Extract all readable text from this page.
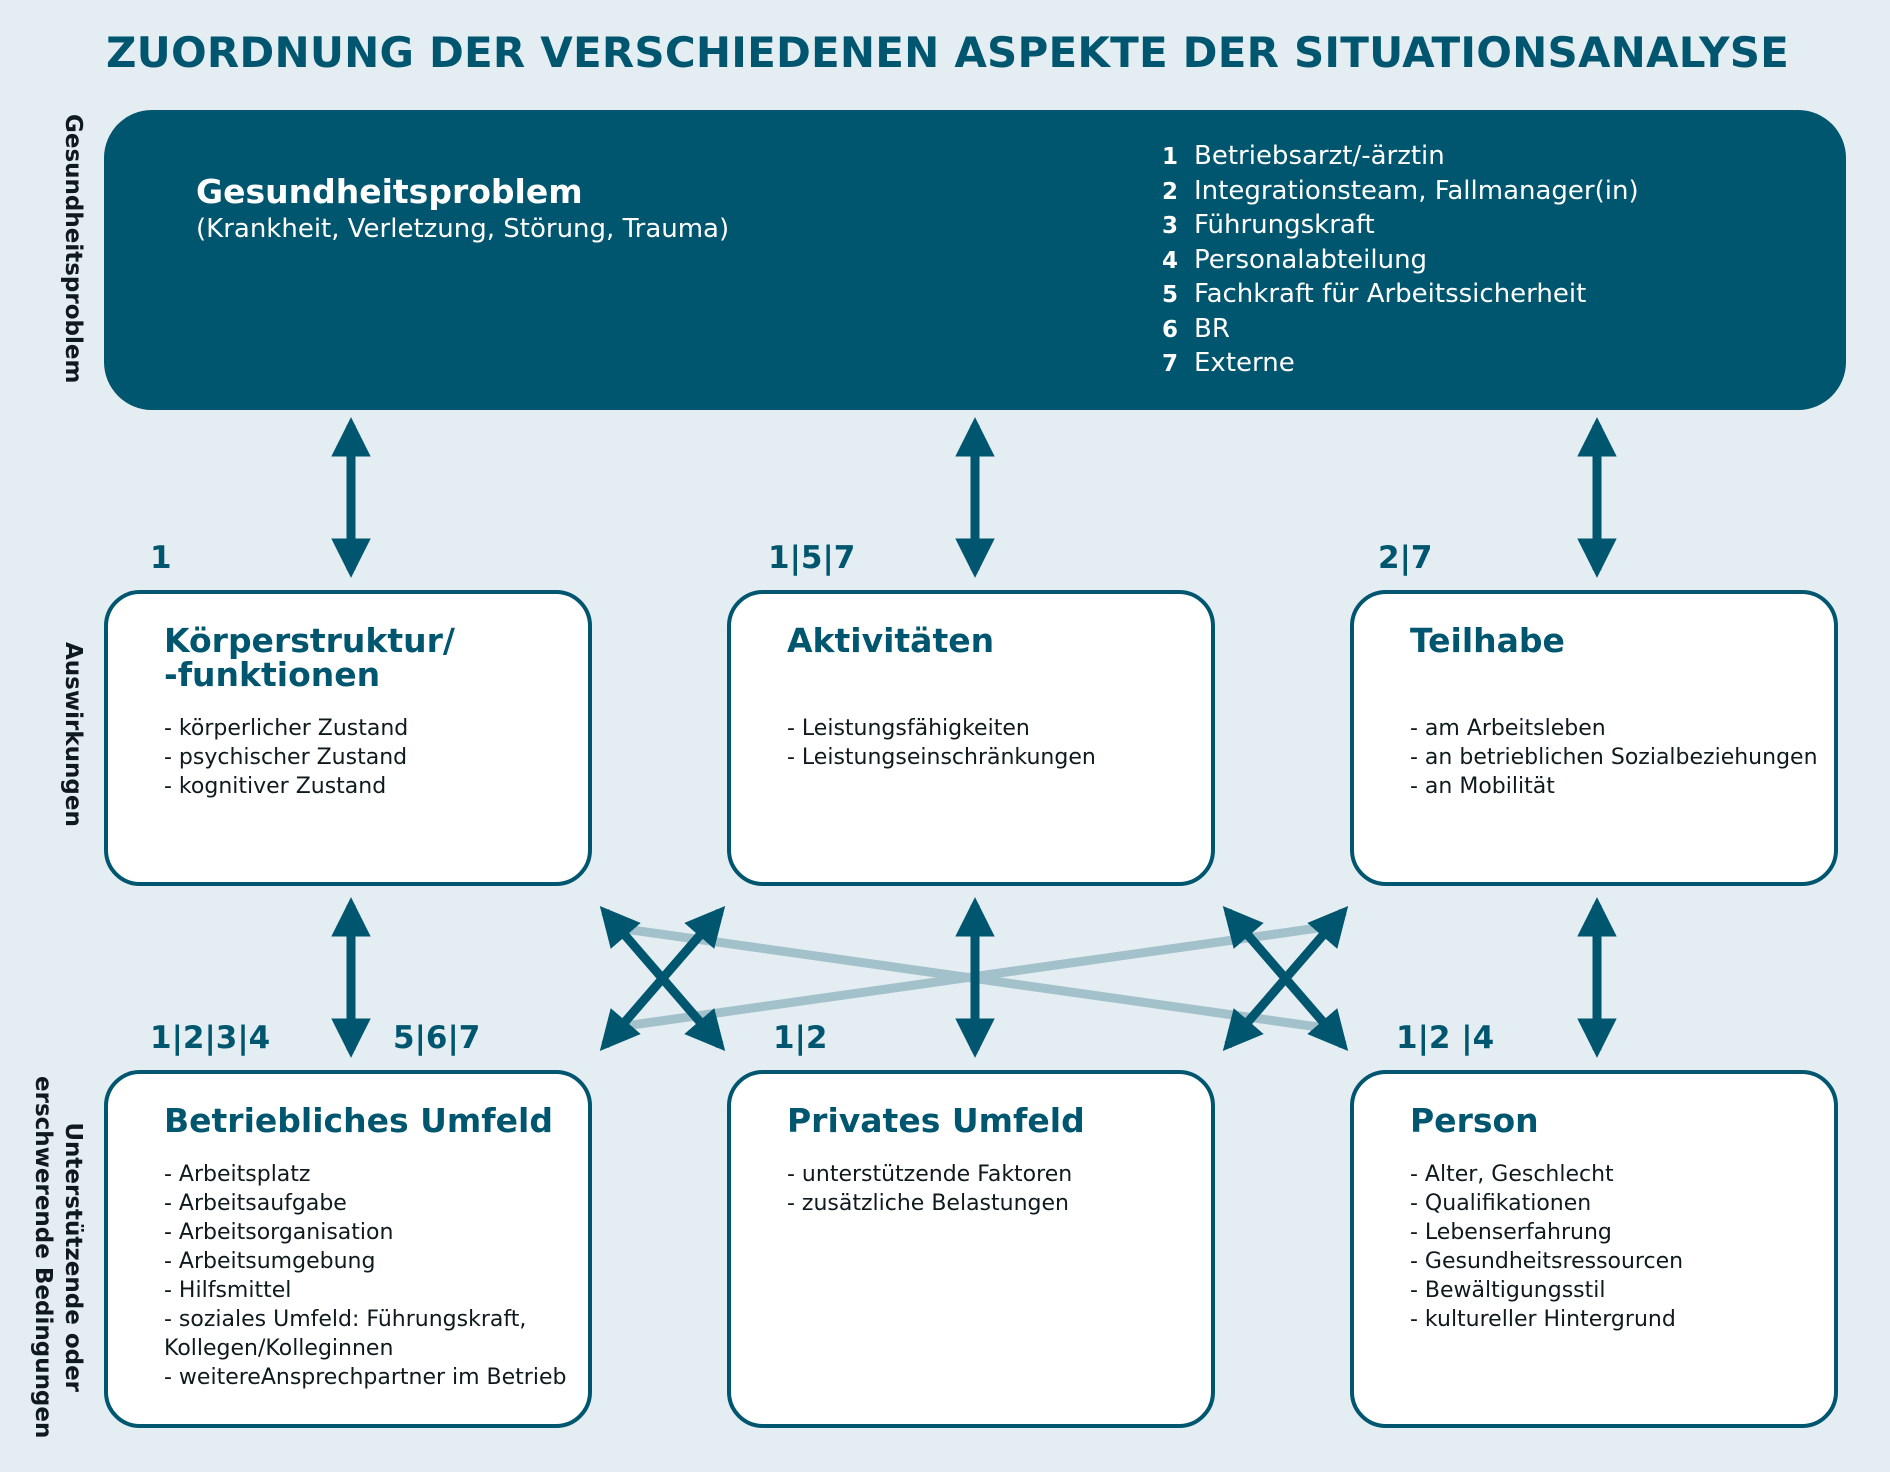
ZUORDNUNG DER VERSCHIEDENEN ASPEKTE DER SITUATIONSANALYSE
Gesundheitsproblem
Auswirkungen
Unterstützende oder
erschwerende Bedingungen
Gesundheitsproblem
(Krankheit, Verletzung, Störung, Trauma)
1 Betriebsarzt/-ärztin
2 Integrationsteam, Fallmanager(in)
3 Führungskraft
4 Personalabteilung
5 Fachkraft für Arbeitssicherheit
6 BR
7 Externe
1	1|5|7	2|7
Körperstruktur/
-funktionen
- körperlicher Zustand
- psychischer Zustand
- kognitiver Zustand
Aktivitäten
- Leistungsfähigkeiten
- Leistungseinschränkungen
Teilhabe
- am Arbeitsleben
- an betrieblichen Sozialbeziehungen
- an Mobilität
1|2|3|4	5|6|7	1|2	1|2 |4
Betriebliches Umfeld
- Arbeitsplatz
- Arbeitsaufgabe
- Arbeitsorganisation
- Arbeitsumgebung
- Hilfsmittel
- soziales Umfeld: Führungskraft,
Kollegen/Kolleginnen
- weitereAnsprechpartner im Betrieb
Privates Umfeld
- unterstützende Faktoren
- zusätzliche Belastungen
Person
- Alter, Geschlecht
- Qualifikationen
- Lebenserfahrung
- Gesundheitsressourcen
- Bewältigungsstil
- kultureller Hintergrund
